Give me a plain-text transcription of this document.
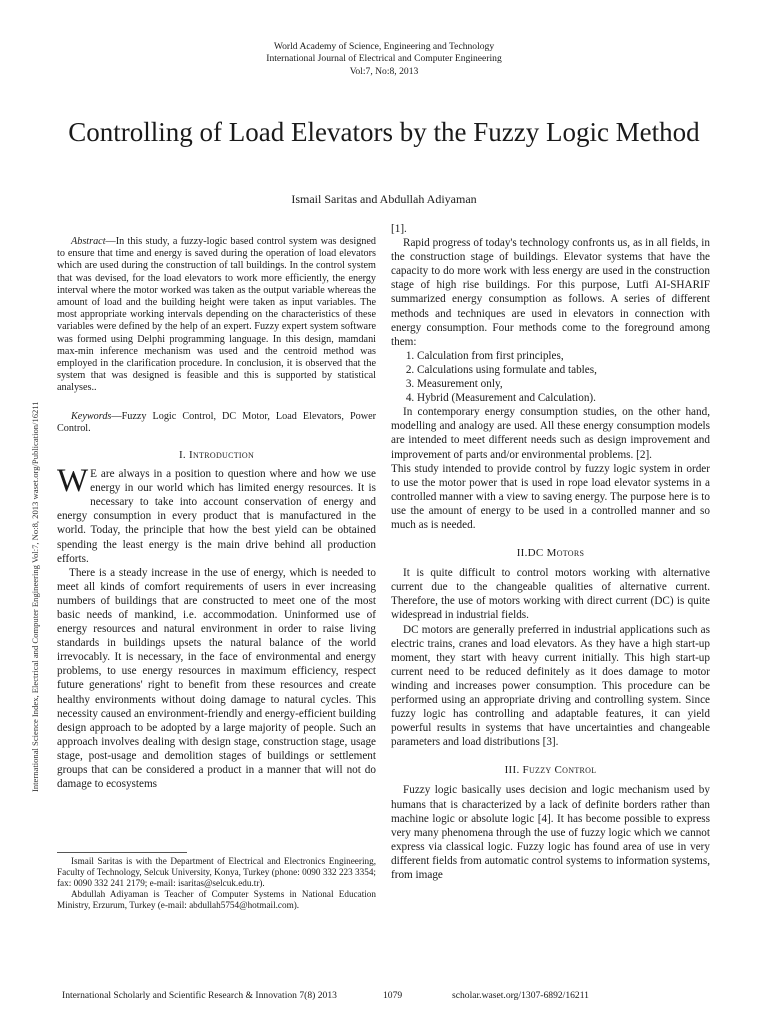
World Academy of Science, Engineering and Technology
International Journal of Electrical and Computer Engineering
Vol:7, No:8, 2013
Controlling of Load Elevators by the Fuzzy Logic Method
Ismail Saritas and Abdullah Adiyaman
International Science Index, Electrical and Computer Engineering Vol:7, No:8, 2013 waset.org/Publication/16211

Abstract—In this study, a fuzzy-logic based control system was designed to ensure that time and energy is saved during the operation of load elevators which are used during the construction of tall buildings. In the control system that was devised, for the load elevators to work more efficiently, the energy interval where the motor worked was taken as the output variable whereas the amount of load and the building height were taken as input variables. The most appropriate working intervals depending on the characteristics of these variables were defined by the help of an expert. Fuzzy expert system software was formed using Delphi programming language. In this design, mamdani max-min inference mechanism was used and the centroid method was employed in the clarification procedure. In conclusion, it is observed that the system that was designed is feasible and this is supported by statistical analyses..

Keywords—Fuzzy Logic Control, DC Motor, Load Elevators, Power Control.

I. Introduction

W E are always in a position to question where and how we use energy in our world which has limited energy resources. It is necessary to take into account conservation of energy and energy consumption in every product that is manufactured in the world. Today, the principle that how the best yield can be obtained spending the least energy is the main drive behind all production efforts.

There is a steady increase in the use of energy, which is needed to meet all kinds of comfort requirements of users in ever increasing numbers of buildings that are constructed to meet one of the most basic needs of mankind, i.e. accommodation. Uninformed use of energy resources and natural environment in order to raise living standards in buildings upsets the natural balance of the world irrevocably. It is necessary, in the face of environmental and energy problems, to use energy resources in maximum efficiency, respect future generations' right to benefit from these resources and create healthy environments without doing damage to natural cycles. This necessity caused an environment-friendly and energy-efficient building design approach to be adopted by a large majority of people. Such an approach involves dealing with design stage, construction stage, usage stage, post-usage and demolition stages of buildings or settlement groups that can be considered a product in a manner that will not do damage to ecosystems

Ismail Saritas is with the Department of Electrical and Electronics Engineering, Faculty of Technology, Selcuk University, Konya, Turkey (phone: 0090 332 223 3354; fax: 0090 332 241 2179; e-mail: isaritas@selcuk.edu.tr).

Abdullah Adiyaman is Teacher of Computer Systems in National Education Ministry, Erzurum, Turkey (e-mail: abdullah5754@hotmail.com).

[1].

Rapid progress of today's technology confronts us, as in all fields, in the construction stage of buildings. Elevator systems that have the capacity to do more work with less energy are used in the construction stage of high rise buildings. For this purpose, Lutfi AI-SHARIF summarized energy consumption as follows. A series of different methods and techniques are used in elevators in connection with energy consumption. Four methods come to the foreground among them:

1. Calculation from first principles,
2. Calculations using formulate and tables,
3. Measurement only,
4. Hybrid (Measurement and Calculation).

In contemporary energy consumption studies, on the other hand, modelling and analogy are used. All these energy consumption models are intended to meet different needs such as design improvement and improvement of parts and/or environmental problems. [2].

This study intended to provide control by fuzzy logic system in order to use the motor power that is used in rope load elevator systems in a controlled manner with a view to saving energy. The purpose here is to use the amount of energy to be used in a controlled manner and so much as is needed.

II.DC Motors

It is quite difficult to control motors working with alternative current due to the changeable qualities of alternative current. Therefore, the use of motors working with direct current (DC) is quite widespread in industrial fields.

DC motors are generally preferred in industrial applications such as electric trains, cranes and load elevators. As they have a high start-up moment, they start with heavy current initially. This high start-up current need to be reduced definitely as it does damage to motor winding and increases power consumption. This procedure can be performed using an appropriate driving and controlling system. Since fuzzy logic has controlling and adaptable features, it can yield powerful results in systems that have uncertainties and changeable parameters and load distributions [3].

III. Fuzzy Control

Fuzzy logic basically uses decision and logic mechanism used by humans that is characterized by a lack of definite borders rather than machine logic or absolute logic [4]. It has become possible to express very many phenomena through the use of fuzzy logic which we cannot express via classical logic. Fuzzy logic has found area of use in very different fields from automatic control systems to information systems, from image

International Scholarly and Scientific Research & Innovation 7(8) 2013	1079	scholar.waset.org/1307-6892/16211
